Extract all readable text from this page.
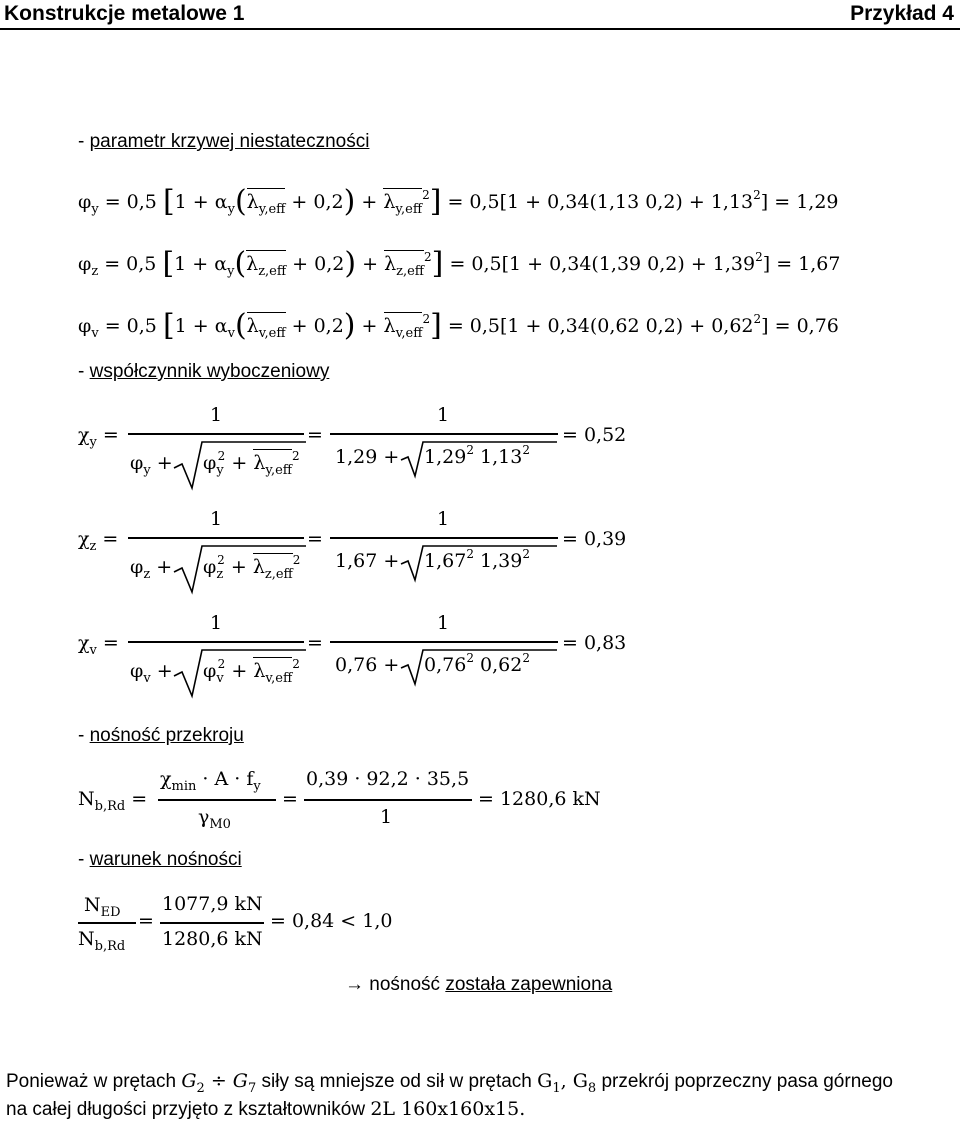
Konstrukcje metalowe 1	Przykład 4
- parametr krzywej niestateczności
$\varphi_y = 0,5$ $[1 + \alpha_y(\lambda_{y,eff} + 0,2) + \lambda_{y,eff}^2] = 0,5[1 + 0,34(1,13$ $0,2) + 1,13^2] = 1,29$
$\varphi_z = 0,5$ $[1 + \alpha_y(\lambda_{z,eff} + 0,2) + \lambda_{z,eff}^2] = 0,5[1 + 0,34(1,39$ $0,2) + 1,39^2] = 1,67$
$\varphi_v = 0,5$ $[1 + \alpha_v(\lambda_{v,eff} + 0,2) + \lambda_{v,eff}^2] = 0,5[1 + 0,34(0,62$ $0,2) + 0,62^2] = 0,76$
- współczynnik wyboczeniowy
$\chi_y$ =
1
$\varphi_y + \varphi_y^2 + \lambda_{y,eff}^2$
=
1
$1,29 + 1,29^2$ $1,13^2$
= 0,52
$\chi_z$ =
1
$\varphi_z + \varphi_z^2 + \lambda_{z,eff}^2$
=
1
$1,67 + 1,67^2$ $1,39^2$
= 0,39
$\chi_v$ =
1
$\varphi_v + \varphi_v^2 + \lambda_{v,eff}^2$
=
1
$0,76 + 0,76^2$ $0,62^2$
= 0,83
- nośność przekroju
$N_{b,Rd}$ =
$\chi_{min} \cdot A \cdot f_y$
$\gamma_{M0}$
=
0,39 · 92,2 · 35,5
1
= 1280,6 kN
- warunek nośności
$N_{ED}$
$N_{b,Rd}$
=
1077,9 kN
1280,6 kN
= 0,84 < 1,0
→ nośność została zapewniona
Ponieważ w prętach $G_2 \div G_7$ siły są mniejsze od sił w prętach $G_1$, $G_8$ przekrój poprzeczny pasa górnego
na całej długości przyjęto z kształtowników 2L 160x160x15.
